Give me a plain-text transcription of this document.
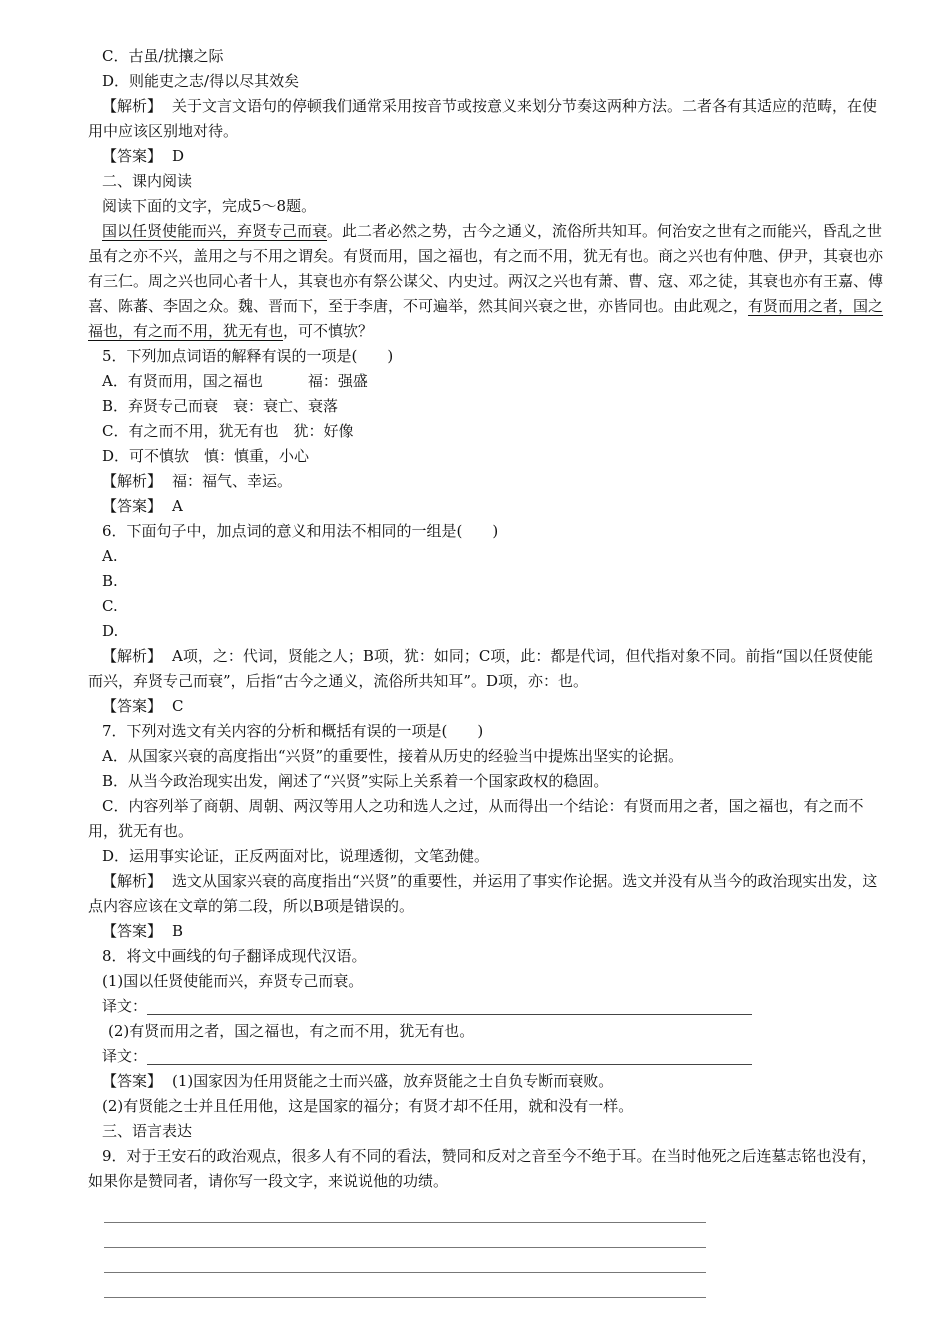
C．古虽/扰攘之际
D．则能吏之志/得以尽其效矣
【解析】 关于文言文语句的停顿我们通常采用按音节或按意义来划分节奏这两种方法。二者各有其适应的范畴，在使用中应该区别地对待。
【答案】 D
二、课内阅读
阅读下面的文字，完成5～8题。
国以任贤使能而兴，弃贤专己而衰。此二者必然之势，古今之通义，流俗所共知耳。何治安之世有之而能兴，昏乱之世虽有之亦不兴，盖用之与不用之谓矣。有贤而用，国之福也，有之而不用，犹无有也。商之兴也有仲虺、伊尹，其衰也亦有三仁。周之兴也同心者十人，其衰也亦有祭公谋父、内史过。两汉之兴也有萧、曹、寇、邓之徒，其衰也亦有王嘉、傅喜、陈蕃、李固之众。魏、晋而下，至于李唐，不可遍举，然其间兴衰之世，亦皆同也。由此观之，有贤而用之者，国之福也，有之而不用，犹无有也，可不慎欤？
5．下列加点词语的解释有误的一项是(　　)
A．有贤而用，国之福也　　　福：强盛
B．弃贤专己而衰　衰：衰亡、衰落
C．有之而不用，犹无有也　犹：好像
D．可不慎欤　慎：慎重，小心
【解析】 福：福气、幸运。
【答案】 A
6．下面句子中，加点词的意义和用法不相同的一组是(　　)
A.
B.
C.
D.
【解析】 A项，之：代词，贤能之人；B项，犹：如同；C项，此：都是代词，但代指对象不同。前指“国以任贤使能而兴，弃贤专己而衰”，后指“古今之通义，流俗所共知耳”。D项，亦：也。
【答案】 C
7．下列对选文有关内容的分析和概括有误的一项是(　　)
A．从国家兴衰的高度指出“兴贤”的重要性，接着从历史的经验当中提炼出坚实的论据。
B．从当今政治现实出发，阐述了“兴贤”实际上关系着一个国家政权的稳固。
C．内容列举了商朝、周朝、两汉等用人之功和选人之过，从而得出一个结论：有贤而用之者，国之福也，有之而不用，犹无有也。
D．运用事实论证，正反两面对比，说理透彻，文笔劲健。
【解析】 选文从国家兴衰的高度指出“兴贤”的重要性，并运用了事实作论据。选文并没有从当今的政治现实出发，这点内容应该在文章的第二段，所以B项是错误的。
【答案】 B
8．将文中画线的句子翻译成现代汉语。
(1)国以任贤使能而兴，弃贤专己而衰。
译文：
(2)有贤而用之者，国之福也，有之而不用，犹无有也。
译文：
【答案】 (1)国家因为任用贤能之士而兴盛，放弃贤能之士自负专断而衰败。
(2)有贤能之士并且任用他，这是国家的福分；有贤才却不任用，就和没有一样。
三、语言表达
9．对于王安石的政治观点，很多人有不同的看法，赞同和反对之音至今不绝于耳。在当时他死之后连墓志铭也没有，如果你是赞同者，请你写一段文字，来说说他的功绩。
